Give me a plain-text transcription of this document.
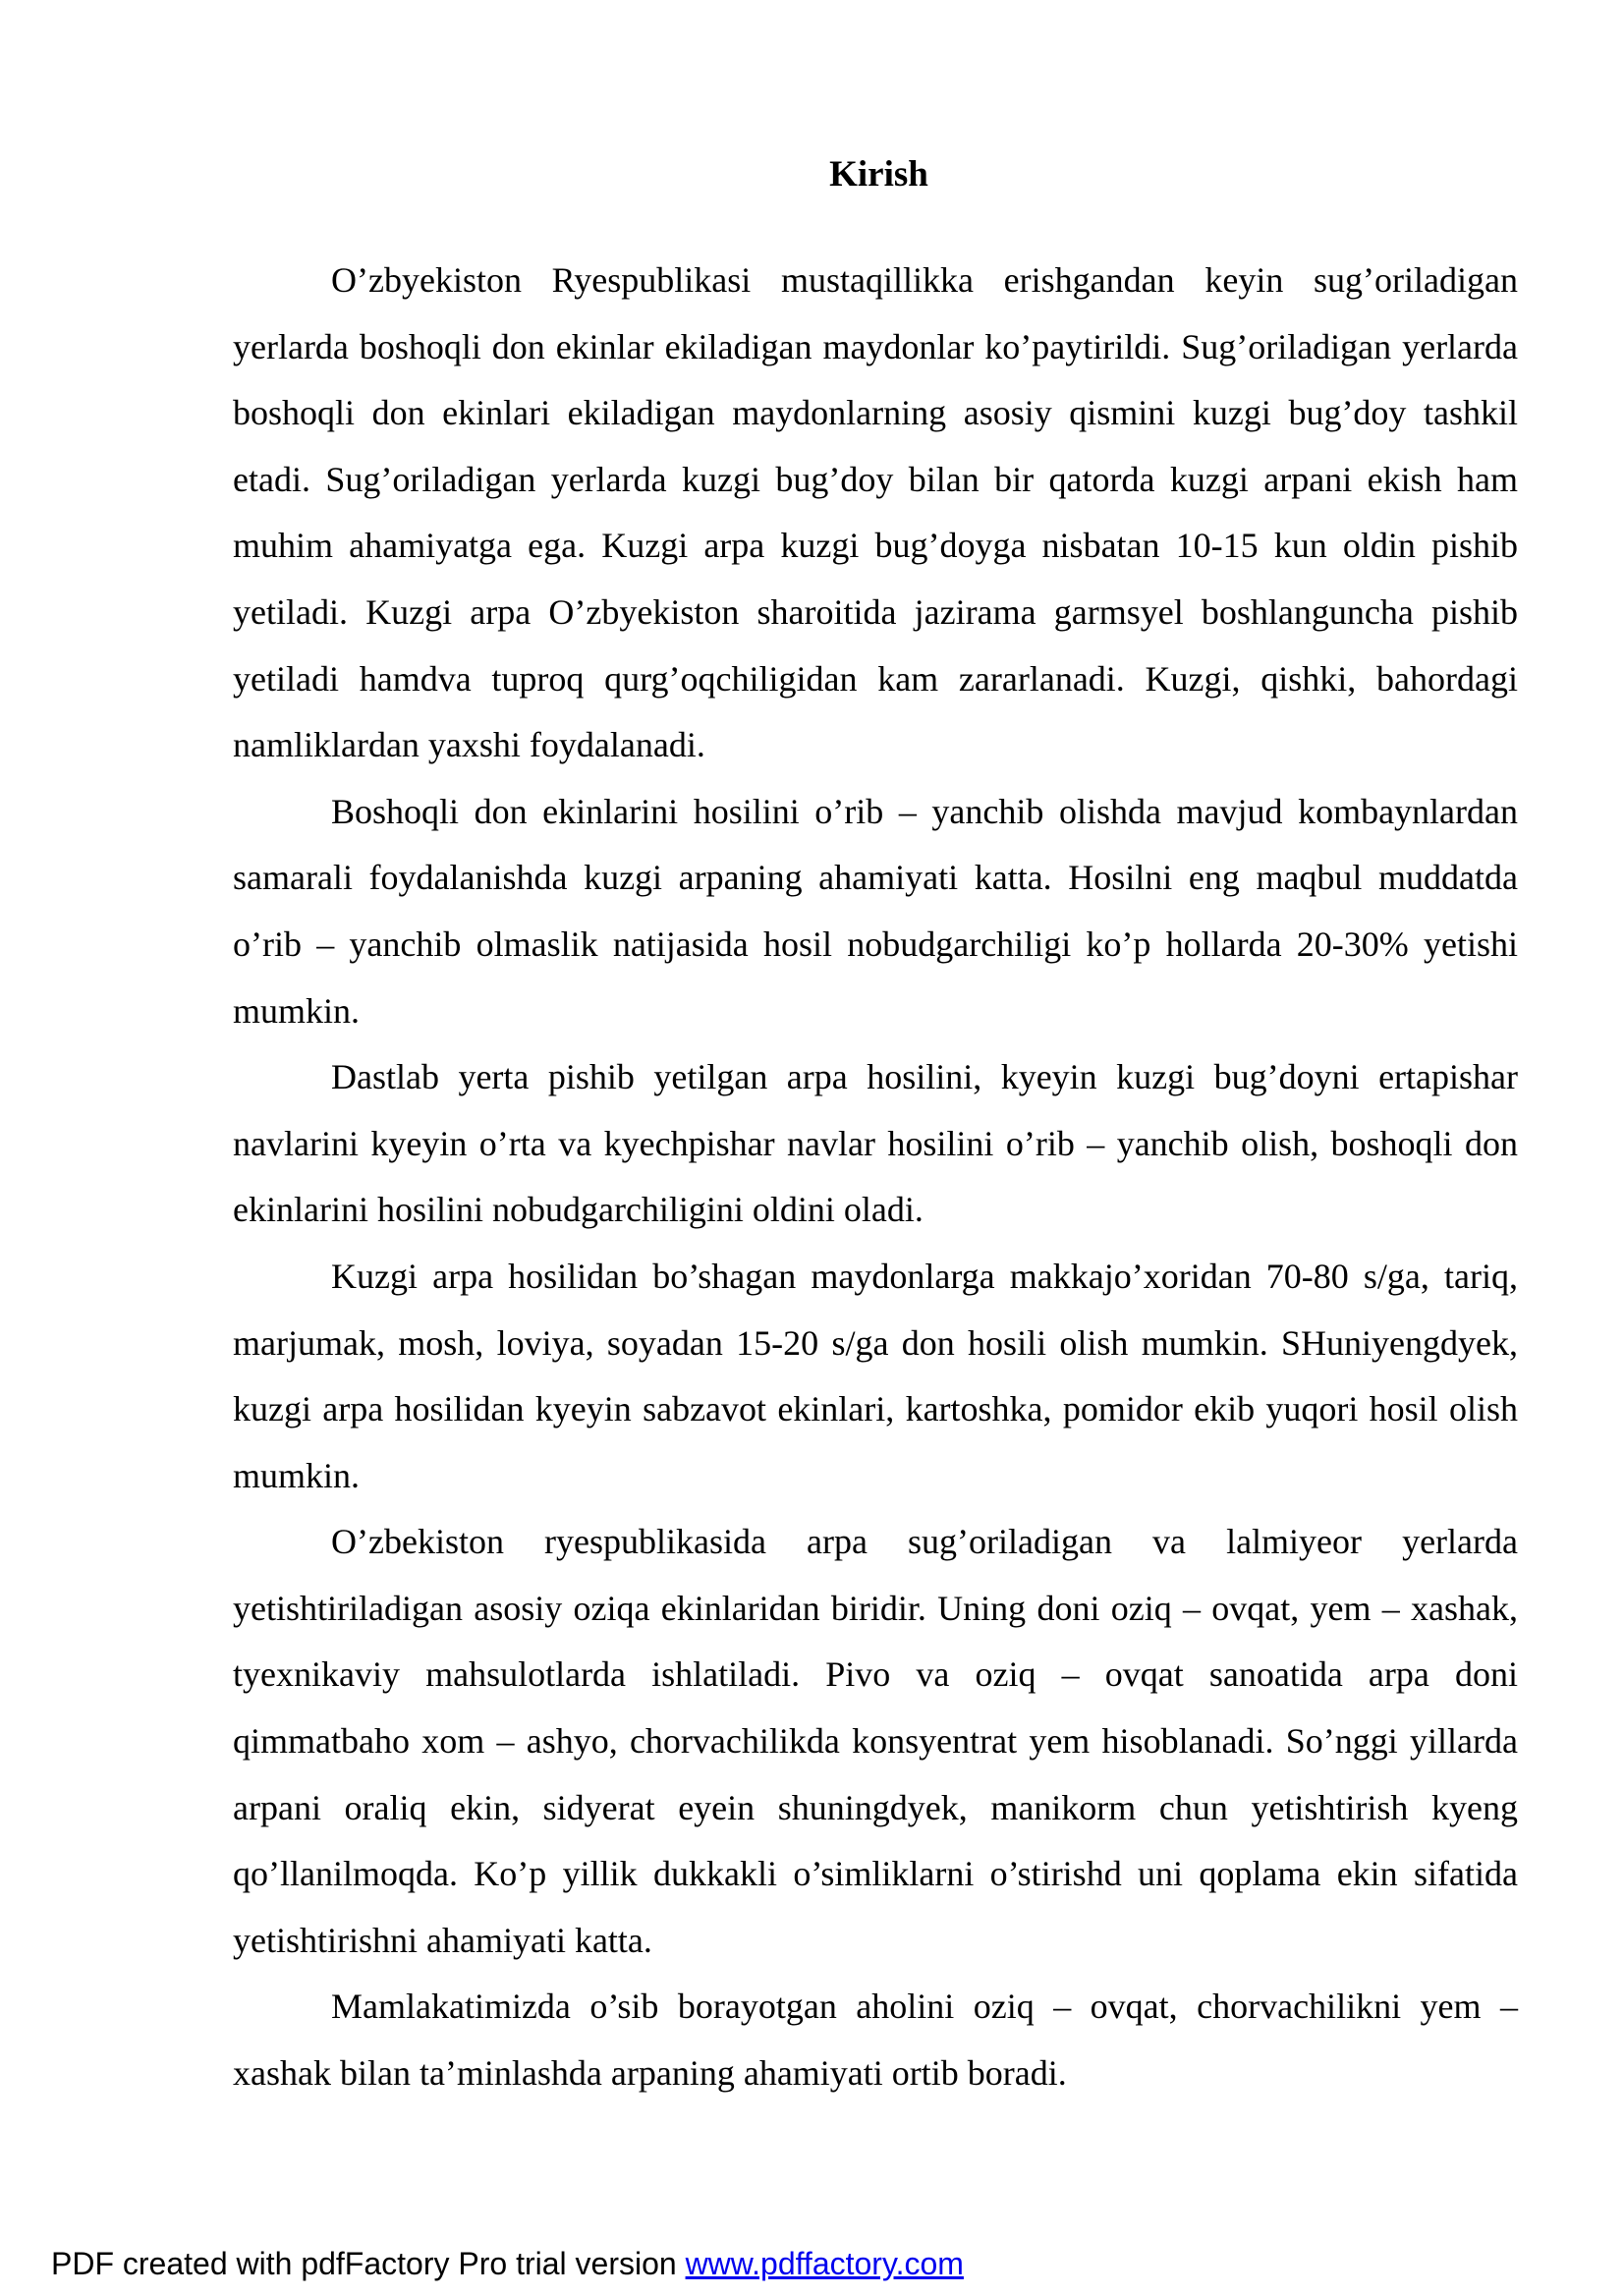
Kirish

O’zbyekiston Ryespublikasi mustaqillikka erishgandan keyin sug’oriladigan yerlarda boshoqli don ekinlar ekiladigan maydonlar ko’paytirildi. Sug’oriladigan yerlarda boshoqli don ekinlari ekiladigan maydonlarning asosiy qismini kuzgi bug’doy tashkil etadi. Sug’oriladigan yerlarda kuzgi bug’doy bilan bir qatorda kuzgi arpani ekish ham muhim ahamiyatga ega. Kuzgi arpa kuzgi bug’doyga nisbatan 10-15 kun oldin pishib yetiladi. Kuzgi arpa O’zbyekiston sharoitida jazirama garmsyel boshlanguncha pishib yetiladi hamdva tuproq qurg’oqchiligidan kam zararlanadi. Kuzgi, qishki, bahordagi namliklardan yaxshi foydalanadi.

Boshoqli don ekinlarini hosilini o’rib – yanchib olishda mavjud kombaynlardan samarali foydalanishda kuzgi arpaning ahamiyati katta. Hosilni eng maqbul muddatda o’rib – yanchib olmaslik natijasida hosil nobudgarchiligi ko’p hollarda 20-30% yetishi mumkin.

Dastlab yerta pishib yetilgan arpa hosilini, kyeyin kuzgi bug’doyni ertapishar navlarini kyeyin o’rta va kyechpishar navlar hosilini o’rib – yanchib olish, boshoqli don ekinlarini hosilini nobudgarchiligini oldini oladi.

Kuzgi arpa hosilidan bo’shagan maydonlarga makkajo’xoridan 70-80 s/ga, tariq, marjumak, mosh, loviya, soyadan 15-20 s/ga don hosili olish mumkin. SHuniyengdyek, kuzgi arpa hosilidan kyeyin sabzavot ekinlari, kartoshka, pomidor ekib yuqori hosil olish mumkin.

O’zbekiston ryespublikasida arpa sug’oriladigan va lalmiyeor yerlarda yetishtiriladigan asosiy oziqa ekinlaridan biridir. Uning doni oziq – ovqat, yem – xashak, tyexnikaviy mahsulotlarda ishlatiladi. Pivo va oziq – ovqat sanoatida arpa doni qimmatbaho xom – ashyo, chorvachilikda konsyentrat yem hisoblanadi. So’nggi yillarda arpani oraliq ekin, sidyerat eyein shuningdyek, manikorm chun yetishtirish kyeng qo’llanilmoqda. Ko’p yillik dukkakli o’simliklarni o’stirishd uni qoplama ekin sifatida yetishtirishni ahamiyati katta.

Mamlakatimizda o’sib borayotgan aholini oziq – ovqat, chorvachilikni yem – xashak bilan ta’minlashda arpaning ahamiyati ortib boradi.

PDF created with pdfFactory Pro trial version www.pdffactory.com
